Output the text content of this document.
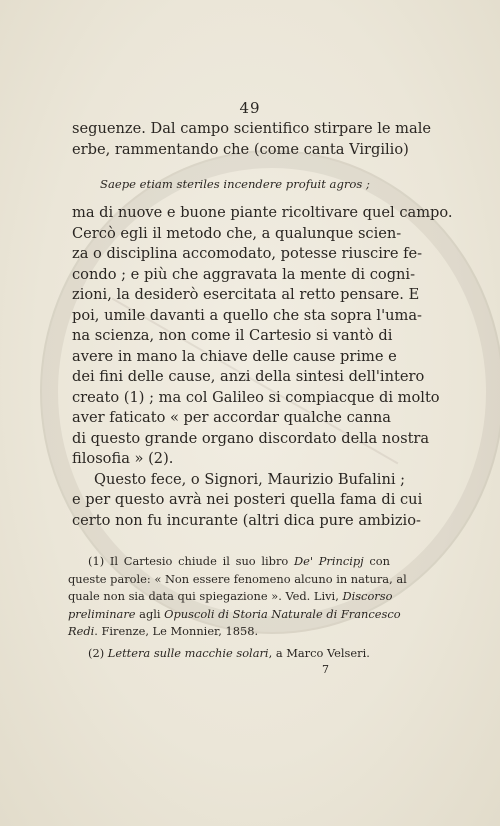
49
seguenze. Dal campo scientifico stirpare le male
erbe, rammentando che (come canta Virgilio)
Saepe etiam steriles incendere profuit agros ;
ma di nuove e buone piante ricoltivare quel campo.
Cercò egli il metodo che, a qualunque scien-
za o disciplina accomodato, potesse riuscire fe-
condo ; e più che aggravata la mente di cogni-
zioni, la desiderò esercitata al retto pensare. E
poi, umile davanti a quello che sta sopra l'uma-
na scienza, non come il Cartesio si vantò di
avere in mano la chiave delle cause prime e
dei fini delle cause, anzi della sintesi dell'intero
creato (1) ; ma col Galileo si compiacque di molto
aver faticato « per accordar qualche canna
di questo grande organo discordato della nostra
filosofia » (2).
Questo fece, o Signori, Maurizio Bufalini ;
e per questo avrà nei posteri quella fama di cui
certo non fu incurante (altri dica pure ambizio-
(1) Il Cartesio chiude il suo libro De' Principj con
queste parole: « Non essere fenomeno alcuno in natura, al
quale non sia data qui spiegazione ». Ved. Livi, Discorso
preliminare agli Opuscoli di Storia Naturale di Francesco
Redi. Firenze, Le Monnier, 1858.
(2) Lettera sulle macchie solari, a Marco Velseri.
7
